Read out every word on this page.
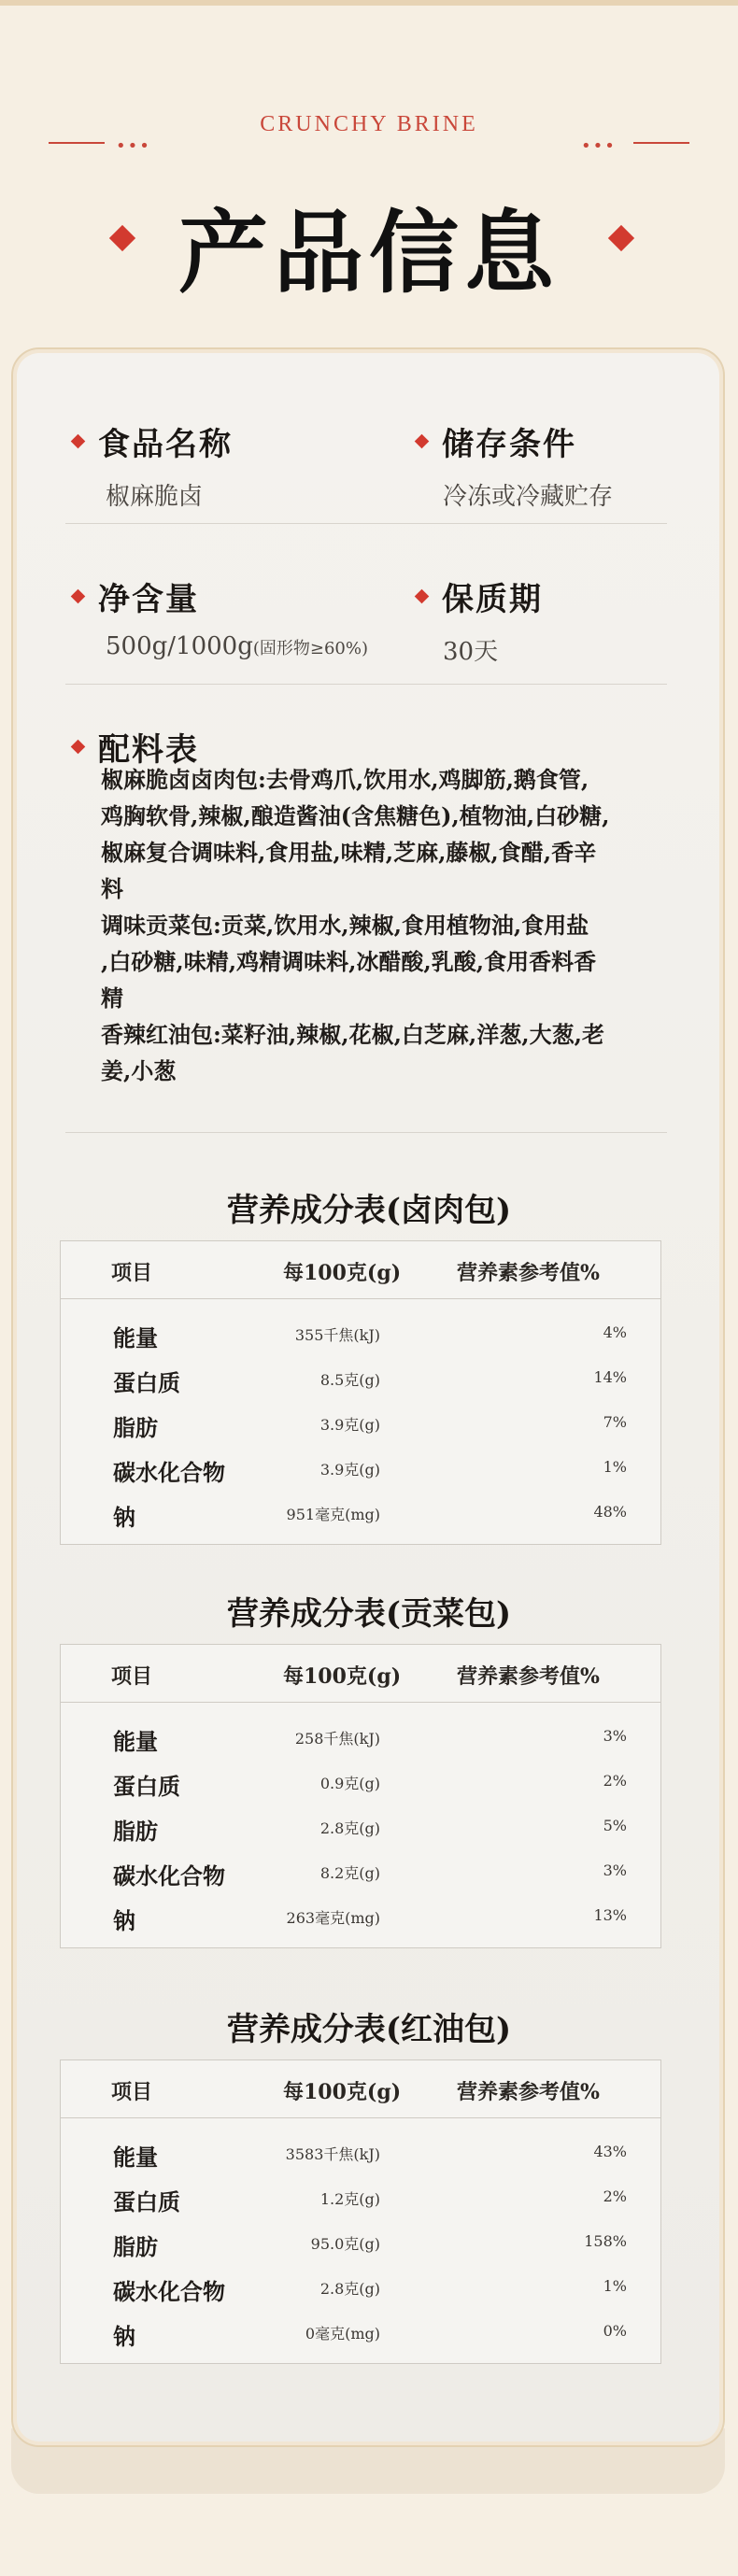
•••
CRUNCHY BRINE
•••
产品信息
食品名称
椒麻脆卤
储存条件
冷冻或冷藏贮存
净含量
500g/1000g(固形物≥60%)
保质期
30天
配料表
椒麻脆卤卤肉包:去骨鸡爪,饮用水,鸡脚筋,鹅食管,
鸡胸软骨,辣椒,酿造酱油(含焦糖色),植物油,白砂糖,
椒麻复合调味料,食用盐,味精,芝麻,藤椒,食醋,香辛
料
调味贡菜包:贡菜,饮用水,辣椒,食用植物油,食用盐
,白砂糖,味精,鸡精调味料,冰醋酸,乳酸,食用香料香
精
香辣红油包:菜籽油,辣椒,花椒,白芝麻,洋葱,大葱,老
姜,小葱
营养成分表(卤肉包)
项目	每100克(g)	营养素参考值%
能量	355千焦(kJ)	4%
蛋白质	8.5克(g)	14%
脂肪	3.9克(g)	7%
碳水化合物	3.9克(g)	1%
钠	951毫克(mg)	48%
营养成分表(贡菜包)
项目	每100克(g)	营养素参考值%
能量	258千焦(kJ)	3%
蛋白质	0.9克(g)	2%
脂肪	2.8克(g)	5%
碳水化合物	8.2克(g)	3%
钠	263毫克(mg)	13%
营养成分表(红油包)
项目	每100克(g)	营养素参考值%
能量	3583千焦(kJ)	43%
蛋白质	1.2克(g)	2%
脂肪	95.0克(g)	158%
碳水化合物	2.8克(g)	1%
钠	0毫克(mg)	0%
